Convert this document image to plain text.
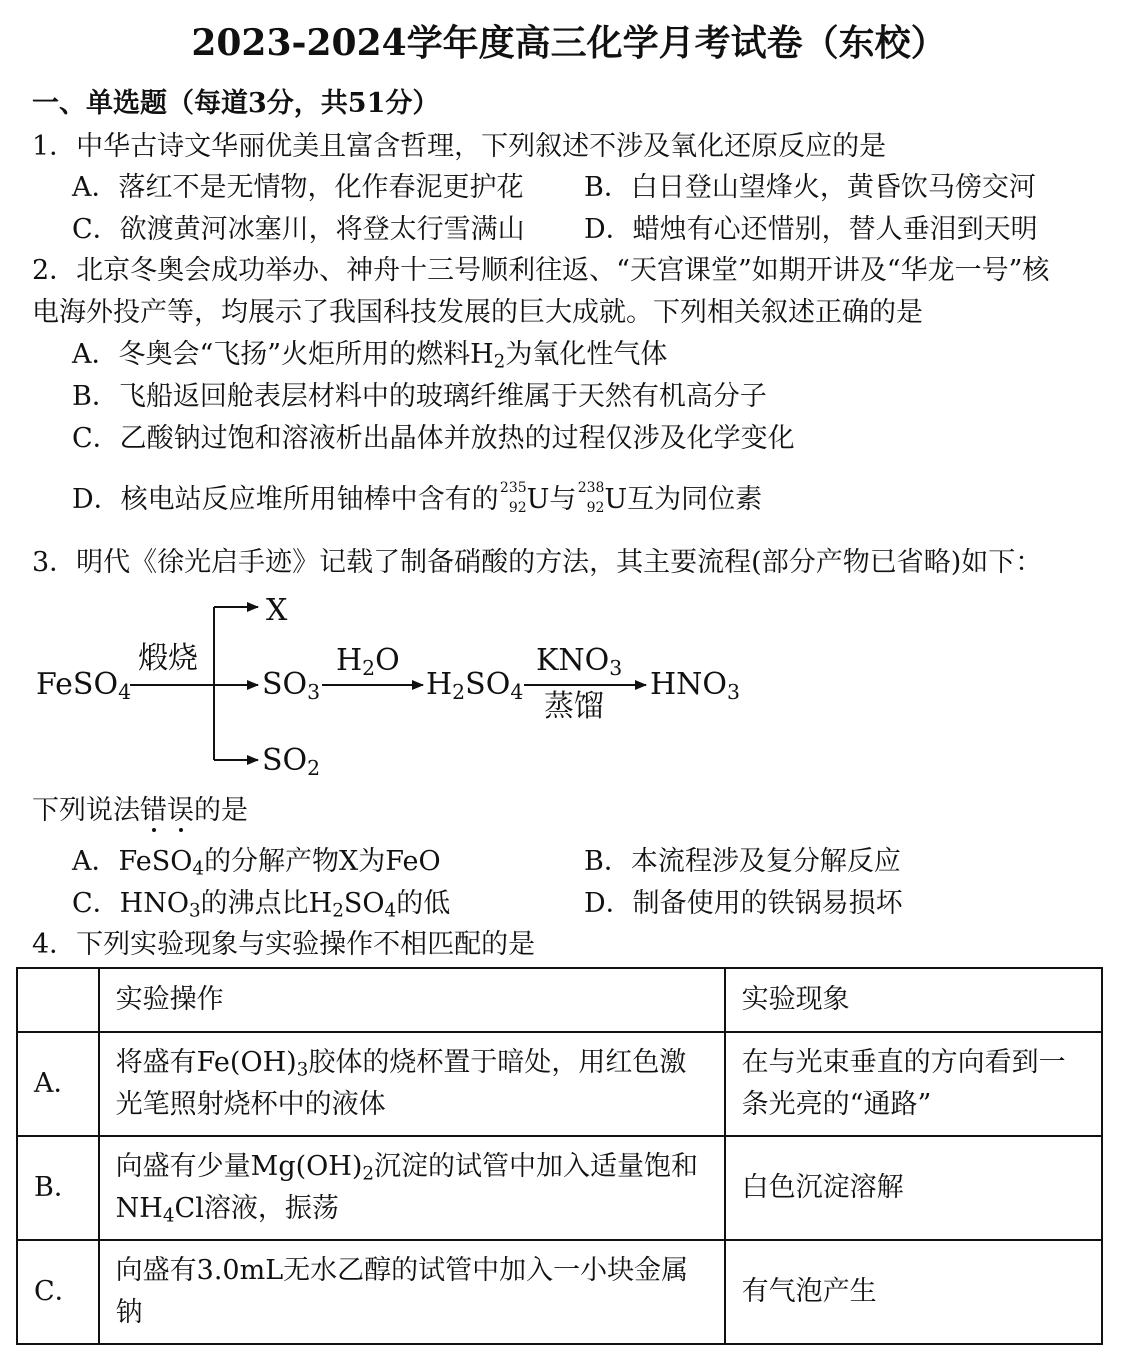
2023-2024学年度高三化学月考试卷（东校）
一、单选题（每道3分，共51分）
1．中华古诗文华丽优美且富含哲理，下列叙述不涉及氧化还原反应的是
A．落红不是无情物，化作春泥更护花 B．白日登山望烽火，黄昏饮马傍交河
C．欲渡黄河冰塞川，将登太行雪满山 D．蜡烛有心还惜别，替人垂泪到天明
2．北京冬奥会成功举办、神舟十三号顺利往返、“天宫课堂”如期开讲及“华龙一号”核
电海外投产等，均展示了我国科技发展的巨大成就。下列相关叙述正确的是
A．冬奥会“飞扬”火炬所用的燃料$H_2$为氧化性气体
B．飞船返回舱表层材料中的玻璃纤维属于天然有机高分子
C．乙酸钠过饱和溶液析出晶体并放热的过程仅涉及化学变化
D．核电站反应堆所用铀棒中含有的 235
92 U与 238
92 U互为同位素
3．明代《徐光启手迹》记载了制备硝酸的方法，其主要流程(部分产物已省略)如下：
FeSO$_4$
煅烧
X
$SO_3$
$SO_2$
$H_2O$
$H_2SO_4$
$KNO_3$
蒸馏
$HNO_3$
下列说法错
误
的是
A．FeSO$_4$的分解产物X为FeO	B．本流程涉及复分解反应
C．$HNO_3$的沸点比$H_2SO_4$的低	D．制备使用的铁锅易损坏
4．下列实验现象与实验操作不相匹配的是
	实验操作	实验现象
A．	将盛有$Fe(OH)_3$胶体的烧杯置于暗处，用红色激光笔照射烧杯中的液体	在与光束垂直的方向看到一条光亮的“通路”
B．	向盛有少量$Mg(OH)_2$沉淀的试管中加入适量饱和$NH_4Cl$溶液，振荡	白色沉淀溶解
C．	向盛有3.0mL无水乙醇的试管中加入一小块金属钠	有气泡产生
